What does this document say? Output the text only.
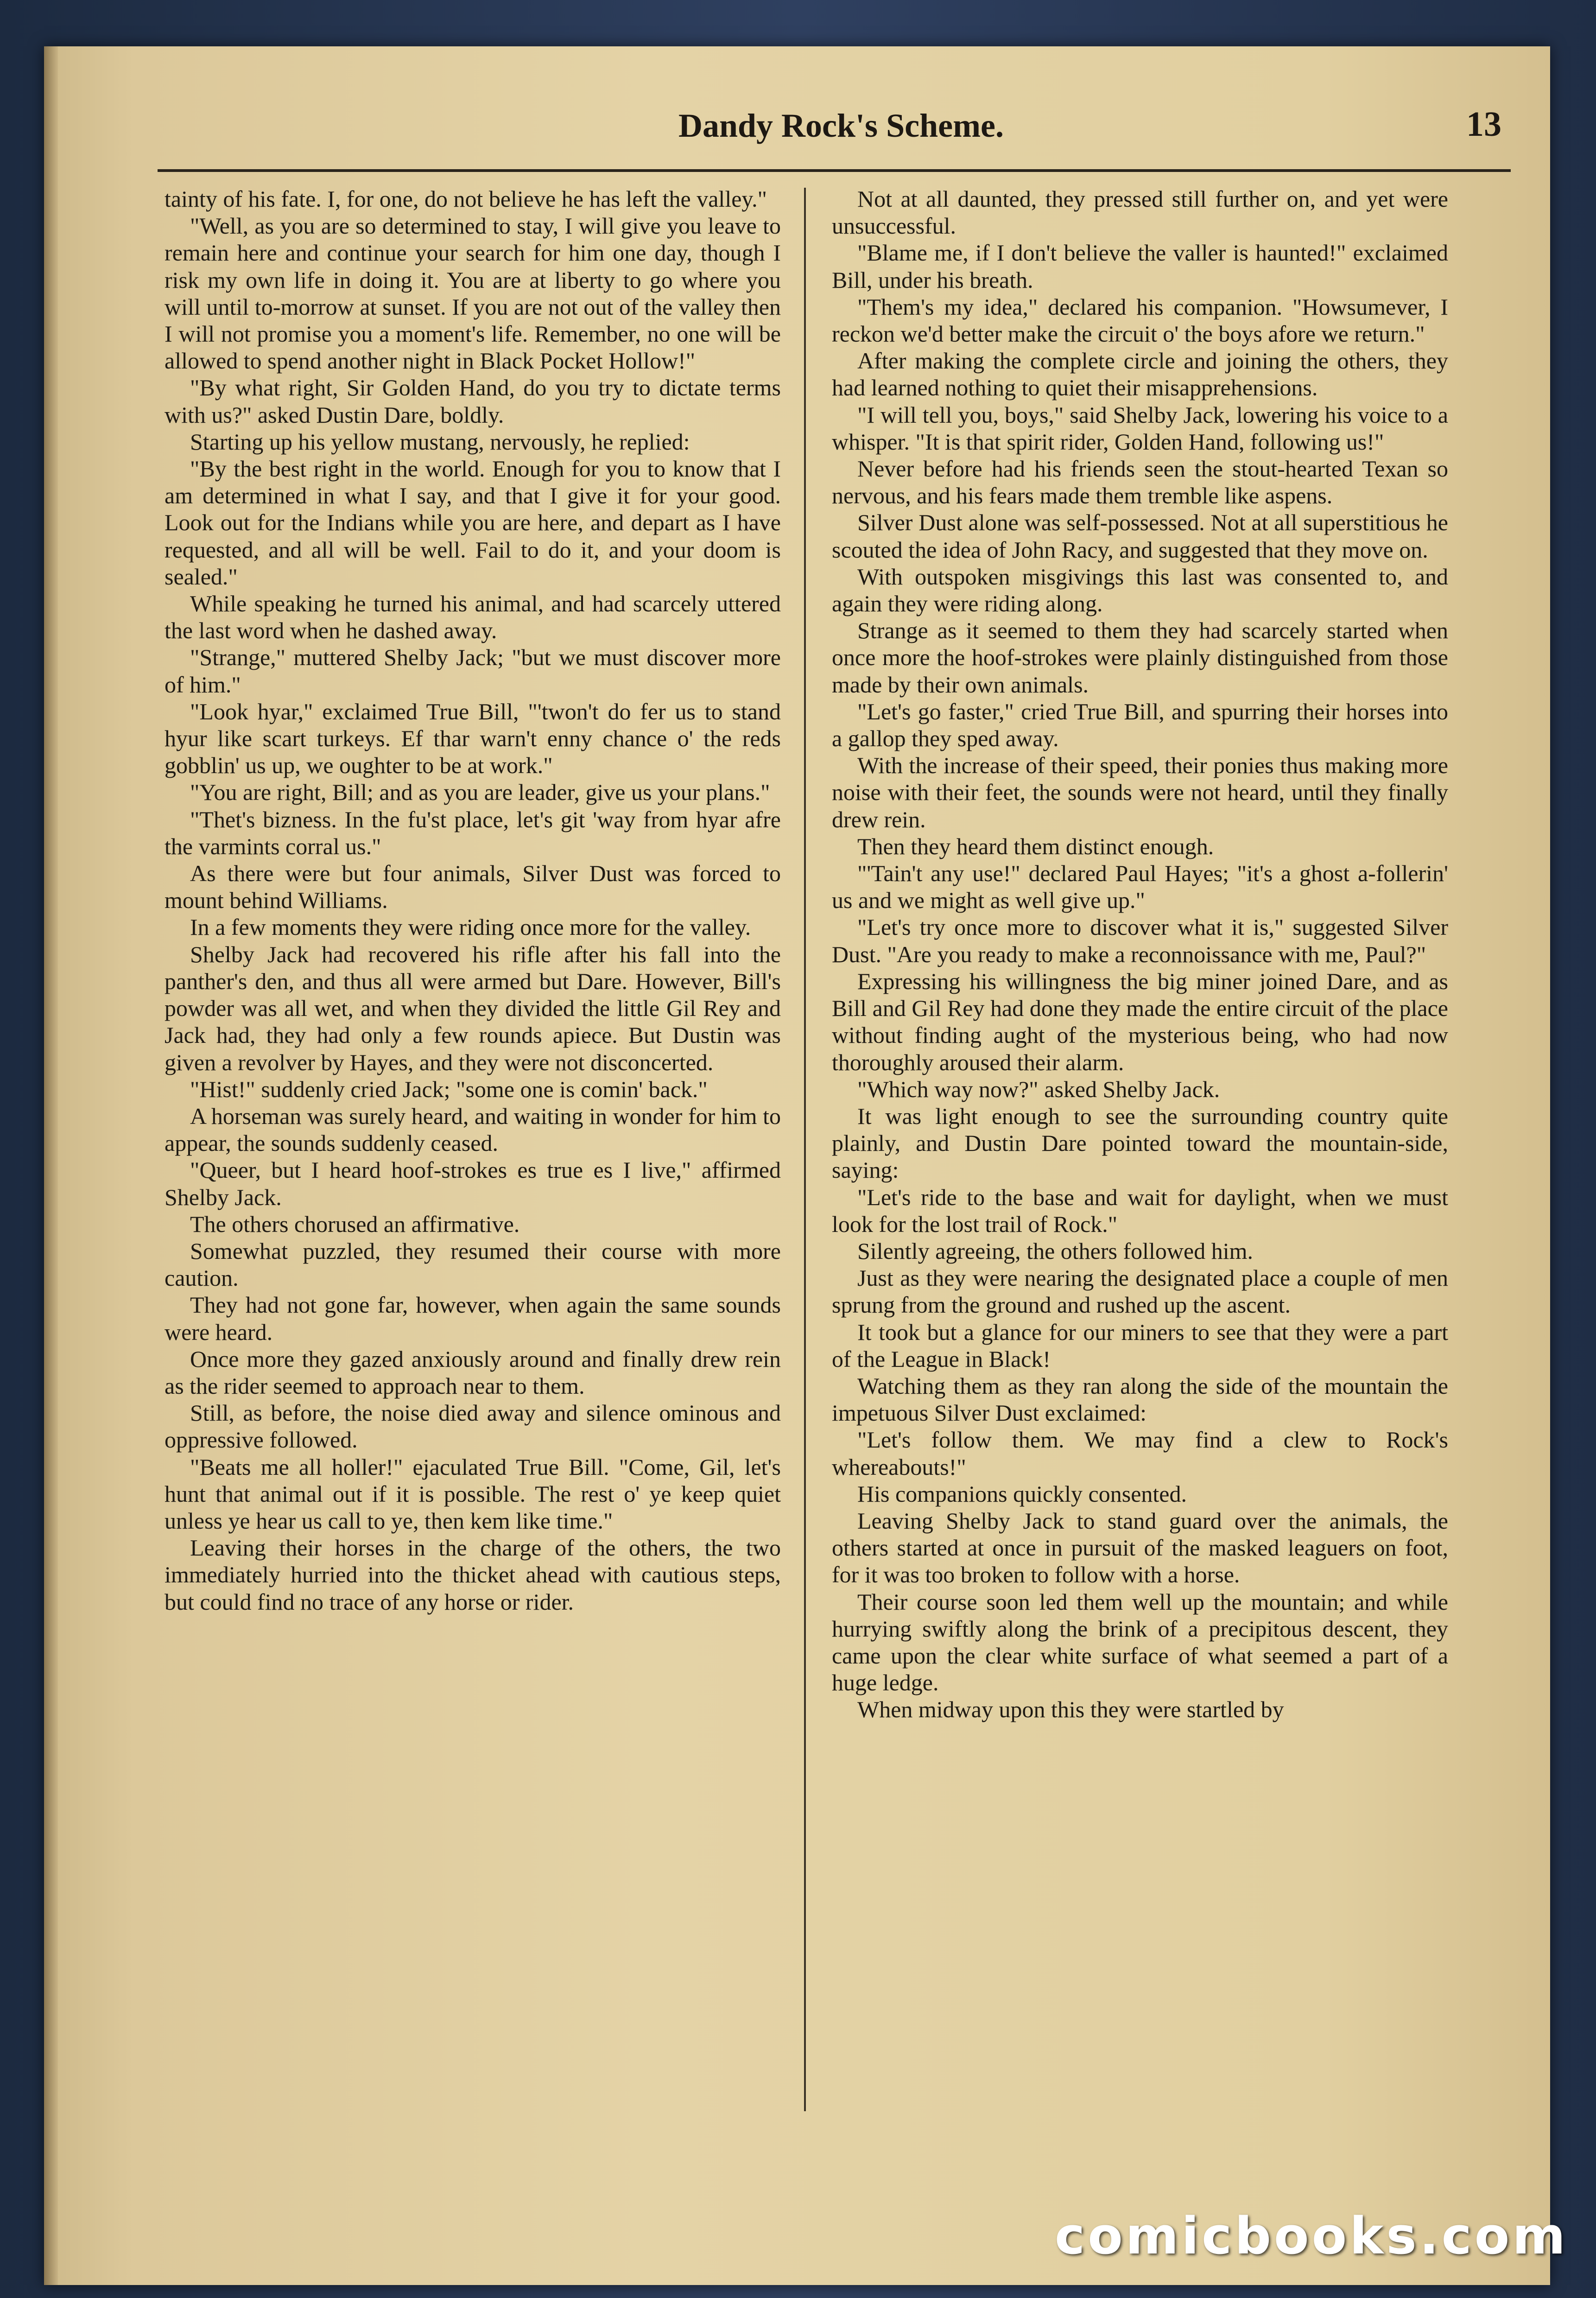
Dandy Rock's Scheme.	13

tainty of his fate. I, for one, do not believe he has left the valley."

"Well, as you are so determined to stay, I will give you leave to remain here and continue your search for him one day, though I risk my own life in doing it. You are at liberty to go where you will until to-morrow at sunset. If you are not out of the valley then I will not promise you a moment's life. Remember, no one will be allowed to spend another night in Black Pocket Hollow!"

"By what right, Sir Golden Hand, do you try to dictate terms with us?" asked Dustin Dare, boldly.

Starting up his yellow mustang, nervously, he replied:

"By the best right in the world. Enough for you to know that I am determined in what I say, and that I give it for your good. Look out for the Indians while you are here, and depart as I have requested, and all will be well. Fail to do it, and your doom is sealed."

While speaking he turned his animal, and had scarcely uttered the last word when he dashed away.

"Strange," muttered Shelby Jack; "but we must discover more of him."

"Look hyar," exclaimed True Bill, "'twon't do fer us to stand hyur like scart turkeys. Ef thar warn't enny chance o' the reds gobblin' us up, we oughter to be at work."

"You are right, Bill; and as you are leader, give us your plans."

"Thet's bizness. In the fu'st place, let's git 'way from hyar afre the varmints corral us."

As there were but four animals, Silver Dust was forced to mount behind Williams.

In a few moments they were riding once more for the valley.

Shelby Jack had recovered his rifle after his fall into the panther's den, and thus all were armed but Dare. However, Bill's powder was all wet, and when they divided the little Gil Rey and Jack had, they had only a few rounds apiece. But Dustin was given a revolver by Hayes, and they were not disconcerted.

"Hist!" suddenly cried Jack; "some one is comin' back."

A horseman was surely heard, and waiting in wonder for him to appear, the sounds suddenly ceased.

"Queer, but I heard hoof-strokes es true es I live," affirmed Shelby Jack.

The others chorused an affirmative.

Somewhat puzzled, they resumed their course with more caution.

They had not gone far, however, when again the same sounds were heard.

Once more they gazed anxiously around and finally drew rein as the rider seemed to approach near to them.

Still, as before, the noise died away and silence ominous and oppressive followed.

"Beats me all holler!" ejaculated True Bill. "Come, Gil, let's hunt that animal out if it is possible. The rest o' ye keep quiet unless ye hear us call to ye, then kem like time."

Leaving their horses in the charge of the others, the two immediately hurried into the thicket ahead with cautious steps, but could find no trace of any horse or rider.

Not at all daunted, they pressed still further on, and yet were unsuccessful.

"Blame me, if I don't believe the valler is haunted!" exclaimed Bill, under his breath.

"Them's my idea," declared his companion. "Howsumever, I reckon we'd better make the circuit o' the boys afore we return."

After making the complete circle and joining the others, they had learned nothing to quiet their misapprehensions.

"I will tell you, boys," said Shelby Jack, lowering his voice to a whisper. "It is that spirit rider, Golden Hand, following us!"

Never before had his friends seen the stout-hearted Texan so nervous, and his fears made them tremble like aspens.

Silver Dust alone was self-possessed. Not at all superstitious he scouted the idea of John Racy, and suggested that they move on.

With outspoken misgivings this last was consented to, and again they were riding along.

Strange as it seemed to them they had scarcely started when once more the hoof-strokes were plainly distinguished from those made by their own animals.

"Let's go faster," cried True Bill, and spurring their horses into a gallop they sped away.

With the increase of their speed, their ponies thus making more noise with their feet, the sounds were not heard, until they finally drew rein.

Then they heard them distinct enough.

"'Tain't any use!" declared Paul Hayes; "it's a ghost a-follerin' us and we might as well give up."

"Let's try once more to discover what it is," suggested Silver Dust. "Are you ready to make a reconnoissance with me, Paul?"

Expressing his willingness the big miner joined Dare, and as Bill and Gil Rey had done they made the entire circuit of the place without finding aught of the mysterious being, who had now thoroughly aroused their alarm.

"Which way now?" asked Shelby Jack.

It was light enough to see the surrounding country quite plainly, and Dustin Dare pointed toward the mountain-side, saying:

"Let's ride to the base and wait for daylight, when we must look for the lost trail of Rock."

Silently agreeing, the others followed him.

Just as they were nearing the designated place a couple of men sprung from the ground and rushed up the ascent.

It took but a glance for our miners to see that they were a part of the League in Black!

Watching them as they ran along the side of the mountain the impetuous Silver Dust exclaimed:

"Let's follow them. We may find a clew to Rock's whereabouts!"

His companions quickly consented.

Leaving Shelby Jack to stand guard over the animals, the others started at once in pursuit of the masked leaguers on foot, for it was too broken to follow with a horse.

Their course soon led them well up the mountain; and while hurrying swiftly along the brink of a precipitous descent, they came upon the clear white surface of what seemed a part of a huge ledge.

When midway upon this they were startled by

comicbooks.com
